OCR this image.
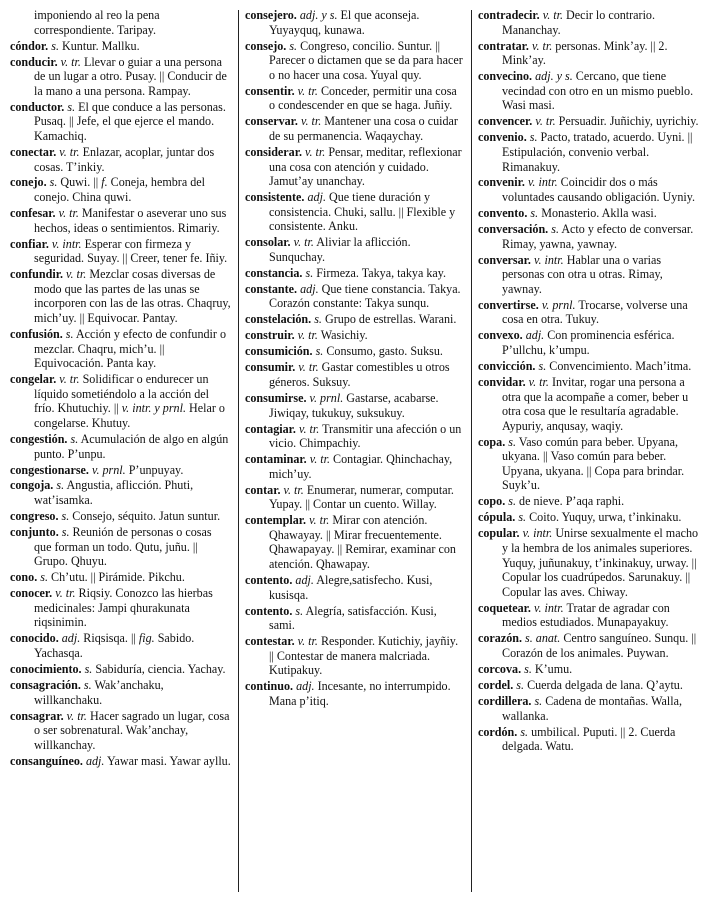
imponiendo al reo la pena correspondiente. Taripay.
cóndor. s. Kuntur. Mallku.
conducir. v. tr. Llevar o guiar a una persona de un lugar a otro. Pusay. || Conducir de la mano a una persona. Rampay.
conductor. s. El que conduce a las personas. Pusaq. || Jefe, el que ejerce el mando. Kamachiq.
conectar. v. tr. Enlazar, acoplar, juntar dos cosas. T’inkiy.
conejo. s. Quwi. || f. Coneja, hembra del conejo. China quwi.
confesar. v. tr. Manifestar o aseverar uno sus hechos, ideas o sentimientos. Rimariy.
confiar. v. intr. Esperar con firmeza y seguridad. Suyay. || Creer, tener fe. Iñiy.
confundir. v. tr. Mezclar cosas diversas de modo que las partes de las unas se incorporen con las de las otras. Chaqruy, mich’uy. || Equivocar. Pantay.
confusión. s. Acción y efecto de confundir o mezclar. Chaqru, mich’u. || Equivocación. Panta kay.
congelar. v. tr. Solidificar o endurecer un líquido sometiéndolo a la acción del frío. Khutuchiy. || v. intr. y prnl. Helar o congelarse. Khutuy.
congestión. s. Acumulación de algo en algún punto. P’unpu.
congestionarse. v. prnl. P’unpuyay.
congoja. s. Angustia, aflicción. Phuti, wat’isamka.
congreso. s. Consejo, séquito. Jatun suntur.
conjunto. s. Reunión de personas o cosas que forman un todo. Qutu, juñu. || Grupo. Qhuyu.
cono. s. Ch’utu. || Pirámide. Pikchu.
conocer. v. tr. Riqsiy. Conozco las hierbas medicinales: Jampi qhurakunata riqsinimin.
conocido. adj. Riqsisqa. || fig. Sabido. Yachasqa.
conocimiento. s. Sabiduría, ciencia. Yachay.
consagración. s. Wak’anchaku, willkanchaku.
consagrar. v. tr. Hacer sagrado un lugar, cosa o ser sobrenatural. Wak’anchay, willkanchay.
consanguíneo. adj. Yawar masi. Yawar ayllu.
consejero. adj. y s. El que aconseja. Yuyayquq, kunawa.
consejo. s. Congreso, concilio. Suntur. || Parecer o dictamen que se da para hacer o no hacer una cosa. Yuyal quy.
consentir. v. tr. Conceder, permitir una cosa o condescender en que se haga. Juñiy.
conservar. v. tr. Mantener una cosa o cuidar de su permanencia. Waqaychay.
considerar. v. tr. Pensar, meditar, reflexionar una cosa con atención y cuidado. Jamut’ay unanchay.
consistente. adj. Que tiene duración y consistencia. Chuki, sallu. || Flexible y consistente. Anku.
consolar. v. tr. Aliviar la aflicción. Sunquchay.
constancia. s. Firmeza. Takya, takya kay.
constante. adj. Que tiene constancia. Takya. Corazón constante: Takya sunqu.
constelación. s. Grupo de estrellas. Warani.
construir. v. tr. Wasichiy.
consumición. s. Consumo, gasto. Suksu.
consumir. v. tr. Gastar comestibles u otros géneros. Suksuy.
consumirse. v. prnl. Gastarse, acabarse. Jiwiqay, tukukuy, suksukuy.
contagiar. v. tr. Transmitir una afección o un vicio. Chimpachiy.
contaminar. v. tr. Contagiar. Qhinchachay, mich’uy.
contar. v. tr. Enumerar, numerar, computar. Yupay. || Contar un cuento. Willay.
contemplar. v. tr. Mirar con atención. Qhawayay. || Mirar frecuentemente. Qhawapayay. || Remirar, examinar con atención. Qhawapay.
contento. adj. Alegre,satisfecho. Kusi, kusisqa.
contento. s. Alegría, satisfacción. Kusi, sami.
contestar. v. tr. Responder. Kutichiy, jayñiy. || Contestar de manera malcriada. Kutipakuy.
continuo. adj. Incesante, no interrumpido. Mana p’itiq.
contradecir. v. tr. Decir lo contrario. Mananchay.
contratar. v. tr. personas. Mink’ay. || 2. Mink’ay.
convecino. adj. y s. Cercano, que tiene vecindad con otro en un mismo pueblo. Wasi masi.
convencer. v. tr. Persuadir. Juñichiy, uyrichiy.
convenio. s. Pacto, tratado, acuerdo. Uyni. || Estipulación, convenio verbal. Rimanakuy.
convenir. v. intr. Coincidir dos o más voluntades causando obligación. Uyniy.
convento. s. Monasterio. Aklla wasi.
conversación. s. Acto y efecto de conversar. Rimay, yawna, yawnay.
conversar. v. intr. Hablar una o varias personas con otra u otras. Rimay, yawnay.
convertirse. v. prnl. Trocarse, volverse una cosa en otra. Tukuy.
convexo. adj. Con prominencia esférica. P’ullchu, k’umpu.
convicción. s. Convencimiento. Mach’itma.
convidar. v. tr. Invitar, rogar una persona a otra que la acompañe a comer, beber u otra cosa que le resultaría agradable. Aypuriy, anqusay, waqiy.
copa. s. Vaso común para beber. Upyana, ukyana. || Vaso común para beber. Upyana, ukyana. || Copa para brindar. Suyk’u.
copo. s. de nieve. P’aqa raphi.
cópula. s. Coito. Yuquy, urwa, t’inkinaku.
copular. v. intr. Unirse sexualmente el macho y la hembra de los animales superiores. Yuquy, juñunakuy, t’inkinakuy, urway. || Copular los cuadrúpedos. Sarunakuy. || Copular las aves. Chiway.
coquetear. v. intr. Tratar de agradar con medios estudiados. Munapayakuy.
corazón. s. anat. Centro sanguíneo. Sunqu. || Corazón de los animales. Puywan.
corcova. s. K’umu.
cordel. s. Cuerda delgada de lana. Q’aytu.
cordillera. s. Cadena de montañas. Walla, wallanka.
cordón. s. umbilical. Puputi. || 2. Cuerda delgada. Watu.
